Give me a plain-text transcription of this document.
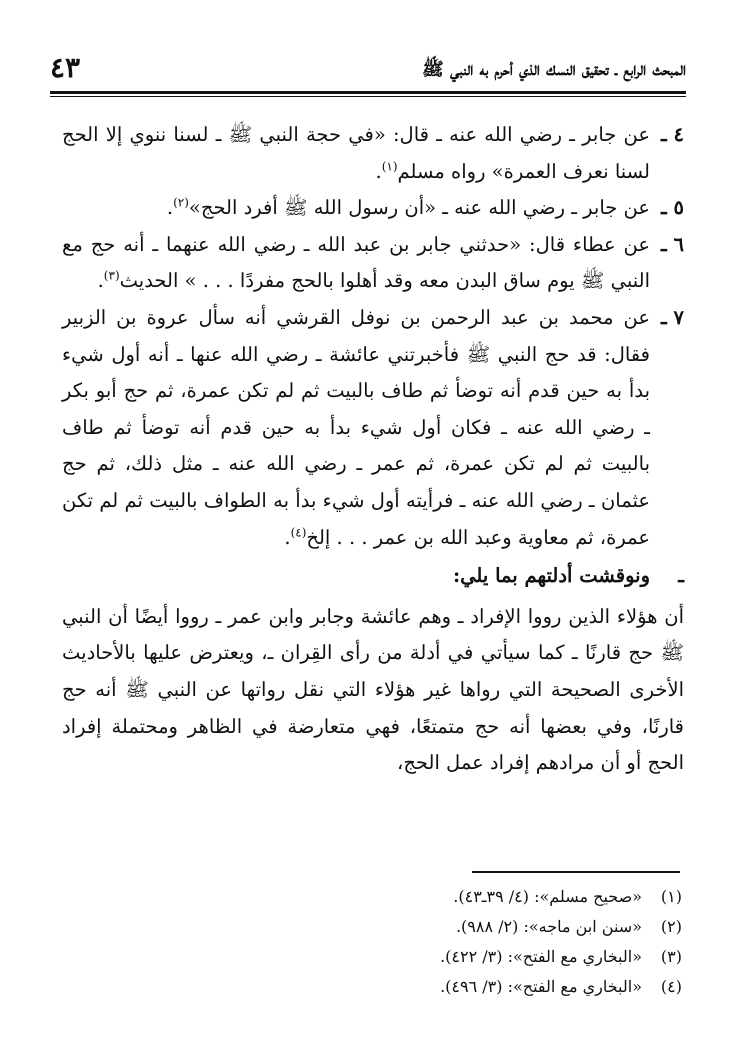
المبحث الرابع ـ تحقيق النسك الذي أحرم به النبي ﷺ
٤٣
٤ ـ

عن جابر ـ رضي الله عنه ـ قال: «في حجة النبي ﷺ ـ لسنا ننوي إلا الحج لسنا نعرف العمرة» رواه مسلم$^{(١)}$.

٥ ـ

عن جابر ـ رضي الله عنه ـ «أن رسول الله ﷺ أفرد الحج»$^{(٢)}$.

٦ ـ

عن عطاء قال: «حدثني جابر بن عبد الله ـ رضي الله عنهما ـ أنه حج مع النبي ﷺ يوم ساق البدن معه وقد أهلوا بالحج مفردًا . . . » الحديث$^{(٣)}$.

٧ ـ

عن محمد بن عبد الرحمن بن نوفل القرشي أنه سأل عروة بن الزبير فقال: قد حج النبي ﷺ فأخبرتني عائشة ـ رضي الله عنها ـ أنه أول شيء بدأ به حين قدم أنه توضأ ثم طاف بالبيت ثم لم تكن عمرة، ثم حج أبو بكر ـ رضي الله عنه ـ فكان أول شيء بدأ به حين قدم أنه توضأ ثم طاف بالبيت ثم لم تكن عمرة، ثم عمر ـ رضي الله عنه ـ مثل ذلك، ثم حج عثمان ـ رضي الله عنه ـ فرأيته أول شيء بدأ به الطواف بالبيت ثم لم تكن عمرة، ثم معاوية وعبد الله بن عمر . . . إلخ$^{(٤)}$.

ـ
ونوقشت أدلتهم بما يلي:

أن هؤلاء الذين رووا الإفراد ـ وهم عائشة وجابر وابن عمر ـ رووا أيضًا أن النبي ﷺ حج قارنًا ـ كما سيأتي في أدلة من رأى القِران ـ، ويعترض عليها بالأحاديث الأخرى الصحيحة التي رواها غير هؤلاء التي نقل رواتها عن النبي ﷺ أنه حج قارنًا، وفي بعضها أنه حج متمتعًا، فهي متعارضة في الظاهر ومحتملة إفراد الحج أو أن مرادهم إفراد عمل الحج،

(١)
«صحيح مسلم»: (٤/ ٣٩ـ٤٣).
(٢)
«سنن ابن ماجه»: (٢/ ٩٨٨).
(٣)
«البخاري مع الفتح»: (٣/ ٤٢٢).
(٤)
«البخاري مع الفتح»: (٣/ ٤٩٦).
